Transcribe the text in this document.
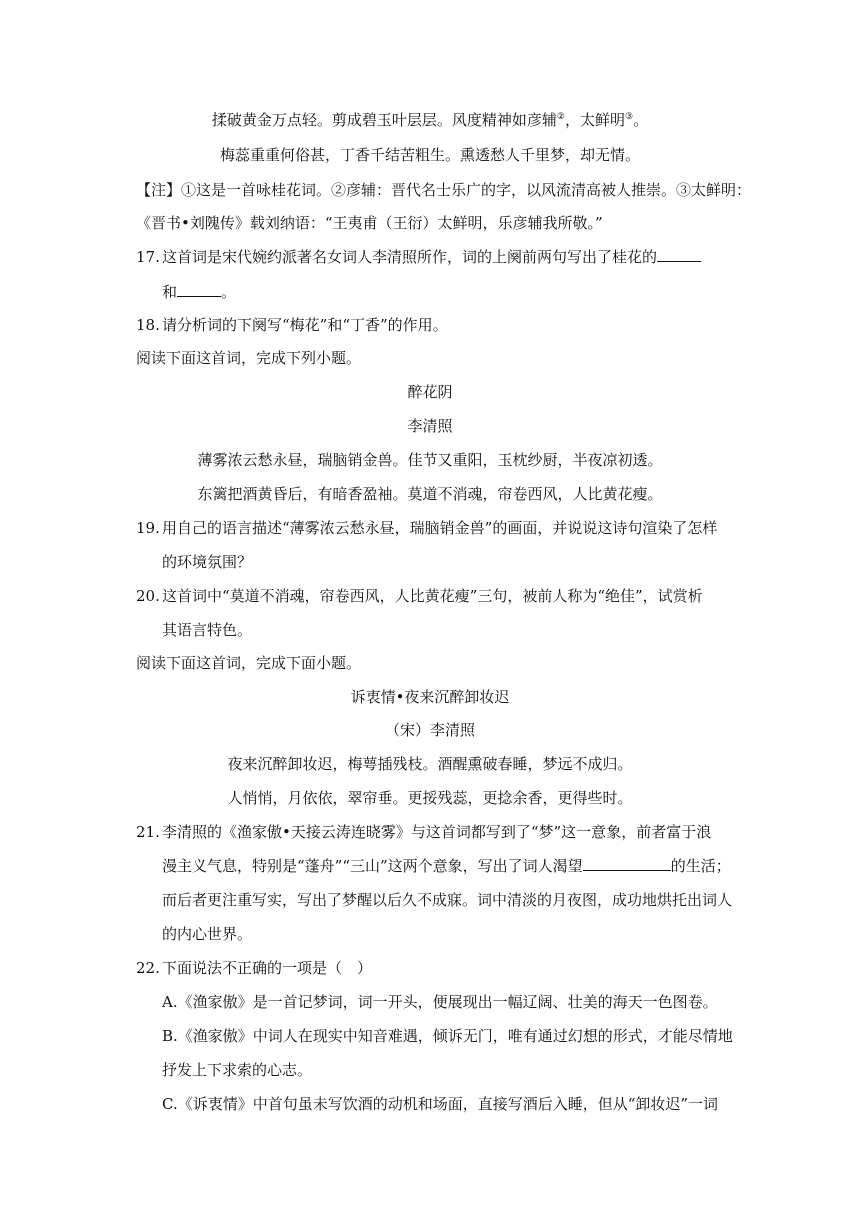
揉破黄金万点轻。剪成碧玉叶层层。风度精神如彦辅②，太鲜明③。
梅蕊重重何俗甚，丁香千结苦粗生。熏透愁人千里梦，却无情。
【注】①这是一首咏桂花词。②彦辅：晋代名士乐广的字，以风流清高被人推崇。③太鲜明：
《晋书•刘隗传》载刘纳语：“王夷甫（王衍）太鲜明，乐彦辅我所敬。”
17. 这首词是宋代婉约派著名女词人李清照所作，词的上阕前两句写出了桂花的
和	。
18. 请分析词的下阕写“梅花”和“丁香”的作用。
阅读下面这首词，完成下列小题。
醉花阴
李清照
薄雾浓云愁永昼，瑞脑销金兽。佳节又重阳，玉枕纱厨，半夜凉初透。
东篱把酒黄昏后，有暗香盈袖。莫道不消魂，帘卷西风，人比黄花瘦。
19. 用自己的语言描述“薄雾浓云愁永昼，瑞脑销金兽”的画面，并说说这诗句渲染了怎样
的环境氛围？
20. 这首词中“莫道不消魂，帘卷西风，人比黄花瘦”三句，被前人称为“绝佳”，试赏析
其语言特色。
阅读下面这首词，完成下面小题。
诉衷情•夜来沉醉卸妆迟
（宋）李清照
夜来沉醉卸妆迟，梅萼插残枝。酒醒熏破春睡，梦远不成归。
人悄悄，月依依，翠帘垂。更挼残蕊，更捻余香，更得些时。
21. 李清照的《渔家傲•天接云涛连晓雾》与这首词都写到了“梦”这一意象，前者富于浪
漫主义气息，特别是“蓬舟”“三山”这两个意象，写出了词人渴望	的生活；
而后者更注重写实，写出了梦醒以后久不成寐。词中清淡的月夜图，成功地烘托出词人
的内心世界。
22. 下面说法不正确的一项是（　）
A.《渔家傲》是一首记梦词，词一开头，便展现出一幅辽阔、壮美的海天一色图卷。
B.《渔家傲》中词人在现实中知音难遇，倾诉无门，唯有通过幻想的形式，才能尽情地
抒发上下求索的心志。
C.《诉衷情》中首句虽未写饮酒的动机和场面，直接写酒后入睡，但从“卸妆迟”一词
